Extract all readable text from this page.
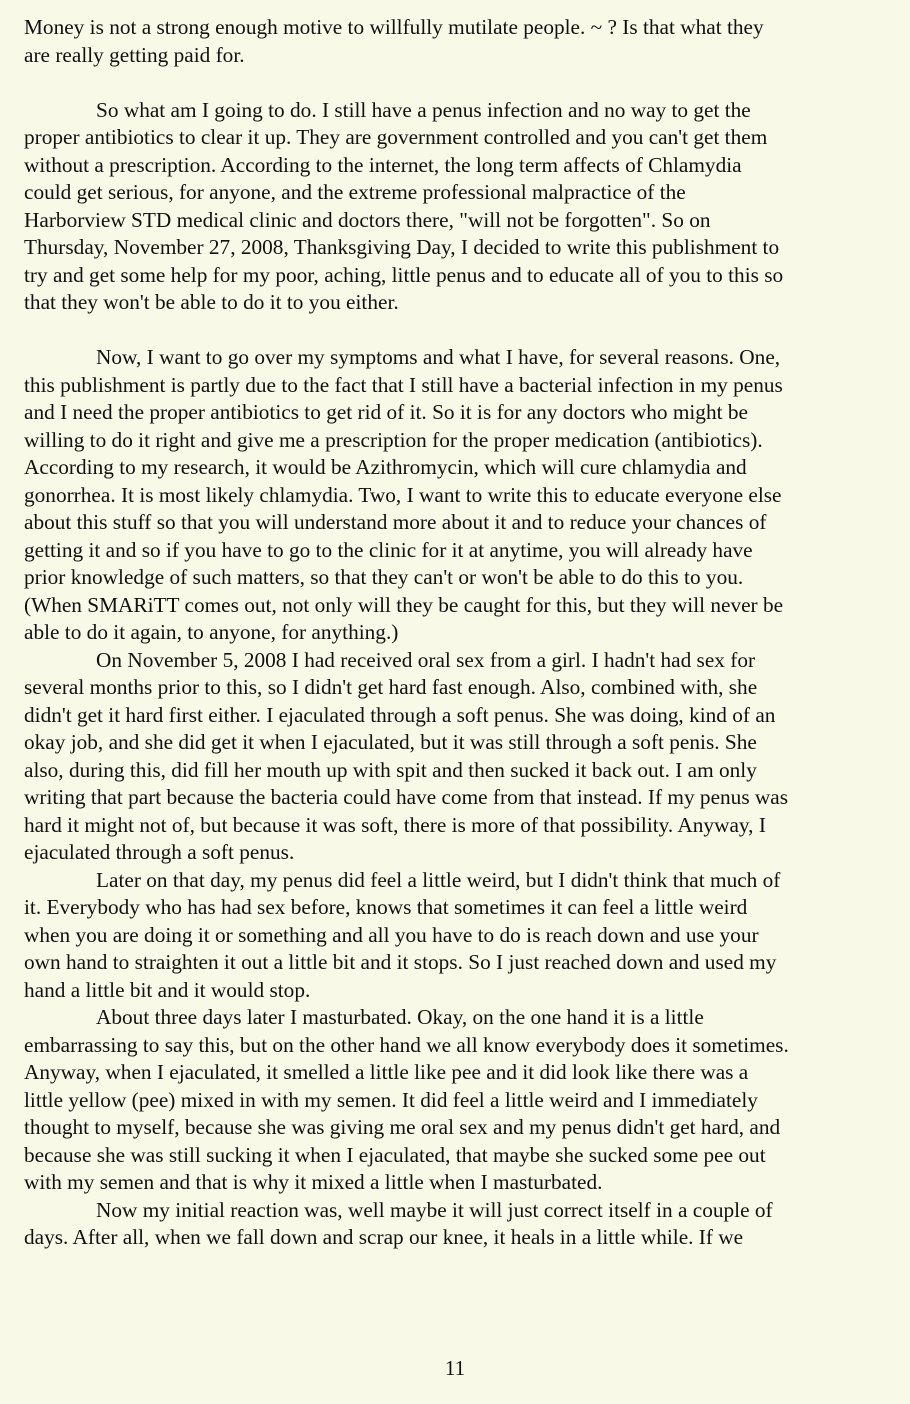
Money is not a strong enough motive to willfully mutilate people. ~ ? Is that what they
are really getting paid for.
So what am I going to do. I still have a penus infection and no way to get the
proper antibiotics to clear it up. They are government controlled and you can't get them
without a prescription. According to the internet, the long term affects of Chlamydia
could get serious, for anyone, and the extreme professional malpractice of the
Harborview STD medical clinic and doctors there, "will not be forgotten". So on
Thursday, November 27, 2008, Thanksgiving Day, I decided to write this publishment to
try and get some help for my poor, aching, little penus and to educate all of you to this so
that they won't be able to do it to you either.
Now, I want to go over my symptoms and what I have, for several reasons. One,
this publishment is partly due to the fact that I still have a bacterial infection in my penus
and I need the proper antibiotics to get rid of it. So it is for any doctors who might be
willing to do it right and give me a prescription for the proper medication (antibiotics).
According to my research, it would be Azithromycin, which will cure chlamydia and
gonorrhea. It is most likely chlamydia. Two, I want to write this to educate everyone else
about this stuff so that you will understand more about it and to reduce your chances of
getting it and so if you have to go to the clinic for it at anytime, you will already have
prior knowledge of such matters, so that they can't or won't be able to do this to you.
(When SMARiTT comes out, not only will they be caught for this, but they will never be
able to do it again, to anyone, for anything.)
On November 5, 2008 I had received oral sex from a girl. I hadn't had sex for
several months prior to this, so I didn't get hard fast enough. Also, combined with, she
didn't get it hard first either. I ejaculated through a soft penus. She was doing, kind of an
okay job, and she did get it when I ejaculated, but it was still through a soft penis. She
also, during this, did fill her mouth up with spit and then sucked it back out. I am only
writing that part because the bacteria could have come from that instead. If my penus was
hard it might not of, but because it was soft, there is more of that possibility. Anyway, I
ejaculated through a soft penus.
Later on that day, my penus did feel a little weird, but I didn't think that much of
it. Everybody who has had sex before, knows that sometimes it can feel a little weird
when you are doing it or something and all you have to do is reach down and use your
own hand to straighten it out a little bit and it stops. So I just reached down and used my
hand a little bit and it would stop.
About three days later I masturbated. Okay, on the one hand it is a little
embarrassing to say this, but on the other hand we all know everybody does it sometimes.
Anyway, when I ejaculated, it smelled a little like pee and it did look like there was a
little yellow (pee) mixed in with my semen. It did feel a little weird and I immediately
thought to myself, because she was giving me oral sex and my penus didn't get hard, and
because she was still sucking it when I ejaculated, that maybe she sucked some pee out
with my semen and that is why it mixed a little when I masturbated.
Now my initial reaction was, well maybe it will just correct itself in a couple of
days. After all, when we fall down and scrap our knee, it heals in a little while. If we
11
